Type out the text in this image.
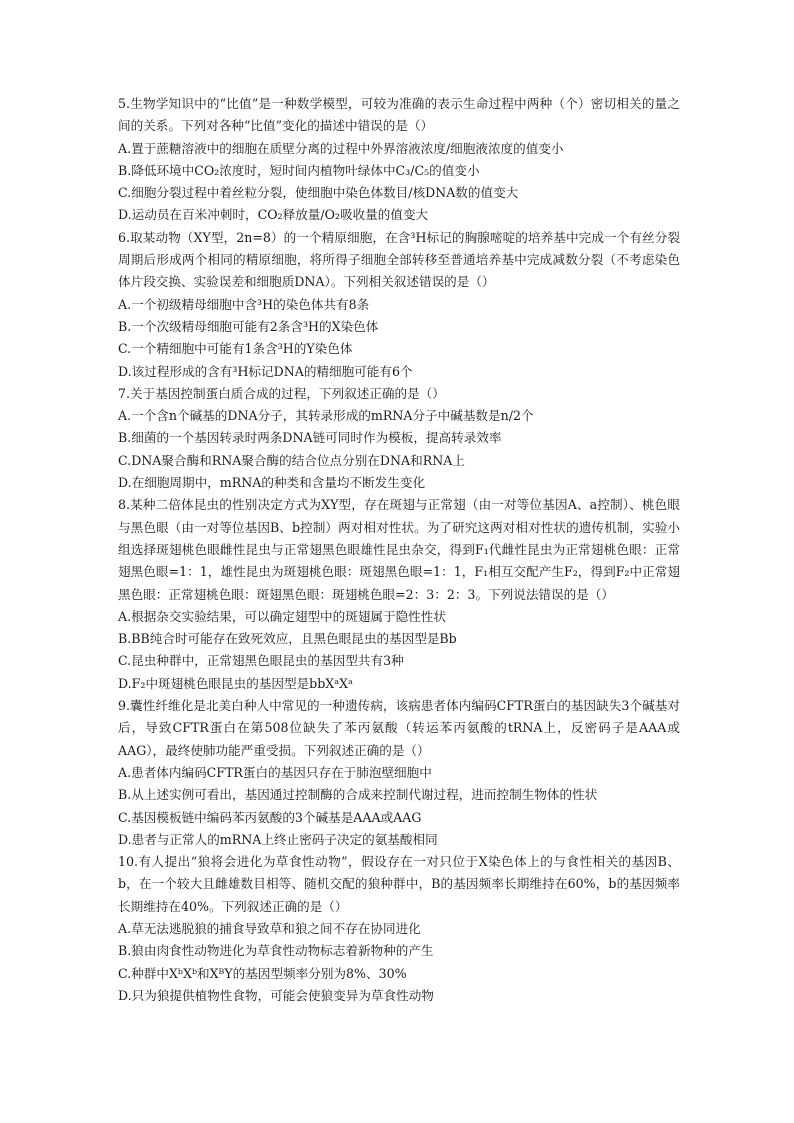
5.生物学知识中的“比值”是一种数学模型，可较为准确的表示生命过程中两种（个）密切相关的量之间的关系。下列对各种“比值”变化的描述中错误的是（）

A.置于蔗糖溶液中的细胞在质壁分离的过程中外界溶液浓度/细胞液浓度的值变小

B.降低环境中CO₂浓度时，短时间内植物叶绿体中C₃/C₅的值变小

C.细胞分裂过程中着丝粒分裂，使细胞中染色体数目/核DNA数的值变大

D.运动员在百米冲刺时，CO₂释放量/O₂吸收量的值变大

6.取某动物（XY型，2n=8）的一个精原细胞，在含³H标记的胸腺嘧啶的培养基中完成一个有丝分裂周期后形成两个相同的精原细胞，将所得子细胞全部转移至普通培养基中完成减数分裂（不考虑染色体片段交换、实验误差和细胞质DNA）。下列相关叙述错误的是（）

A.一个初级精母细胞中含³H的染色体共有8条

B.一个次级精母细胞可能有2条含³H的X染色体

C.一个精细胞中可能有1条含³H的Y染色体

D.该过程形成的含有³H标记DNA的精细胞可能有6个

7.关于基因控制蛋白质合成的过程，下列叙述正确的是（）

A.一个含n个碱基的DNA分子，其转录形成的mRNA分子中碱基数是n/2个

B.细菌的一个基因转录时两条DNA链可同时作为模板，提高转录效率

C.DNA聚合酶和RNA聚合酶的结合位点分别在DNA和RNA上

D.在细胞周期中，mRNA的种类和含量均不断发生变化

8.某种二倍体昆虫的性别决定方式为XY型，存在斑翅与正常翅（由一对等位基因A、a控制）、桃色眼与黑色眼（由一对等位基因B、b控制）两对相对性状。为了研究这两对相对性状的遗传机制，实验小组选择斑翅桃色眼雌性昆虫与正常翅黑色眼雄性昆虫杂交，得到F₁代雌性昆虫为正常翅桃色眼：正常翅黑色眼=1：1，雄性昆虫为斑翅桃色眼：斑翅黑色眼=1：1，F₁相互交配产生F₂，得到F₂中正常翅黑色眼：正常翅桃色眼：斑翅黑色眼：斑翅桃色眼=2：3：2：3。下列说法错误的是（）

A.根据杂交实验结果，可以确定翅型中的斑翅属于隐性性状

B.BB纯合时可能存在致死效应，且黑色眼昆虫的基因型是Bb

C.昆虫种群中，正常翅黑色眼昆虫的基因型共有3种

D.F₂中斑翅桃色眼昆虫的基因型是bbXᵃXᵃ

9.囊性纤维化是北美白种人中常见的一种遗传病，该病患者体内编码CFTR蛋白的基因缺失3个碱基对后，导致CFTR蛋白在第508位缺失了苯丙氨酸（转运苯丙氨酸的tRNA上，反密码子是AAA或AAG），最终使肺功能严重受损。下列叙述正确的是（）

A.患者体内编码CFTR蛋白的基因只存在于肺泡壁细胞中

B.从上述实例可看出，基因通过控制酶的合成来控制代谢过程，进而控制生物体的性状

C.基因模板链中编码苯丙氨酸的3个碱基是AAA或AAG

D.患者与正常人的mRNA上终止密码子决定的氨基酸相同

10.有人提出“狼将会进化为草食性动物”，假设存在一对只位于X染色体上的与食性相关的基因B、b，在一个较大且雌雄数目相等、随机交配的狼种群中，B的基因频率长期维持在60%，b的基因频率长期维持在40%。下列叙述正确的是（）

A.草无法逃脱狼的捕食导致草和狼之间不存在协同进化

B.狼由肉食性动物进化为草食性动物标志着新物种的产生

C.种群中XᵇXᵇ和XᴮY的基因型频率分别为8%、30%

D.只为狼提供植物性食物，可能会使狼变异为草食性动物
